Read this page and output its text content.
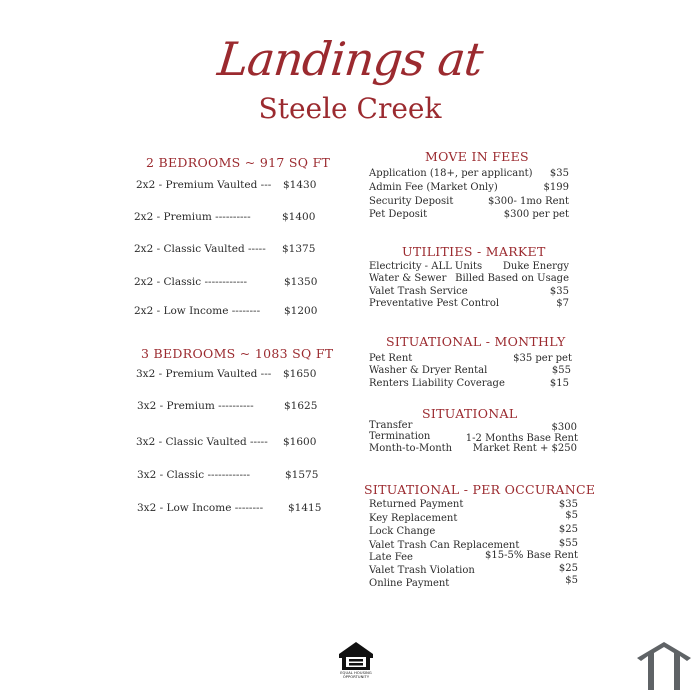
Landings at
Steele Creek
2 BEDROOMS ~ 917 SQ FT
2x2 - Premium Vaulted --- $1430
2x2 - Premium ----------	$1400
2x2 - Classic Vaulted ----- $1375
2x2 - Classic ------------	$1350
2x2 - Low Income -------- $1200
3 BEDROOMS ~ 1083 SQ FT
3x2 - Premium Vaulted --- $1650
3x2 - Premium ----------	$1625
3x2 - Classic Vaulted ----- $1600
3x2 - Classic ------------	$1575
3x2 - Low Income -------- $1415
MOVE IN FEES
Application (18+, per applicant) $35
Admin Fee (Market Only)	$199
Security Deposit	$300- 1mo Rent
Pet Deposit	$300 per pet
UTILITIES - MARKET
Electricity - ALL Units Duke Energy
Water & Sewer Billed Based on Usage
Valet Trash Service	$35
Preventative Pest Control	$7
SITUATIONAL - MONTHLY
Pet Rent	$35 per pet
Washer & Dryer Rental	$55
Renters Liability Coverage	$15
SITUATIONAL
Transfer	$300
Termination	1-2 Months Base Rent
Month-to-Month Market Rent + $250
SITUATIONAL - PER OCCURANCE
Returned Payment	$35
Key Replacement	$5
Lock Change	$25
Valet Trash Can Replacement	$55
Late Fee	$15-5% Base Rent
Valet Trash Violation	$25
Online Payment	$5
EQUAL HOUSING OPPORTUNITY
